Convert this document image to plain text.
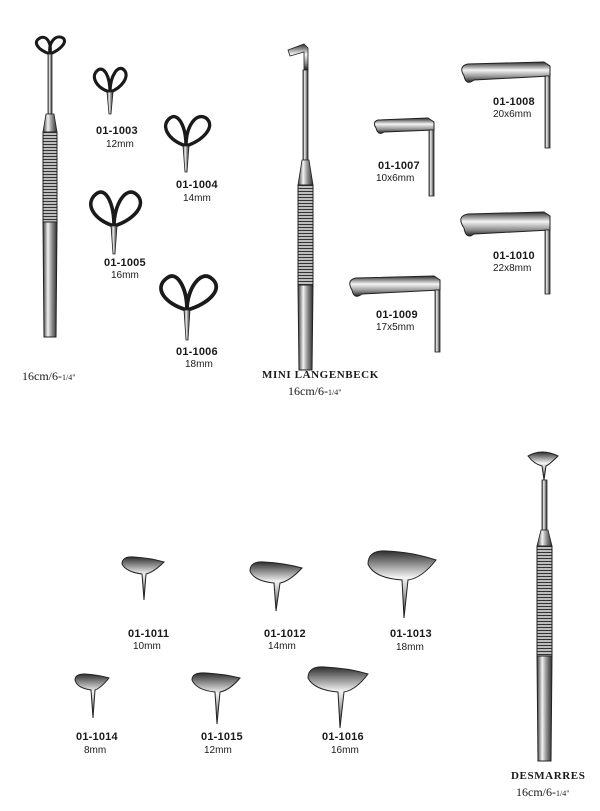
01-1003
12mm
01-1004
14mm
01-1005
16mm
01-1006
18mm
16cm/6-1/4"	MINI LANGENBECK
16cm/6-1/4"
01-1007
10x6mm
01-1008
20x6mm
01-1009
17x5mm
01-1010
22x8mm
DESMARRES
16cm/6-1/4"
01-1011
10mm
01-1012
14mm
01-1013
18mm
01-1014
8mm
01-1015
12mm
01-1016
16mm
